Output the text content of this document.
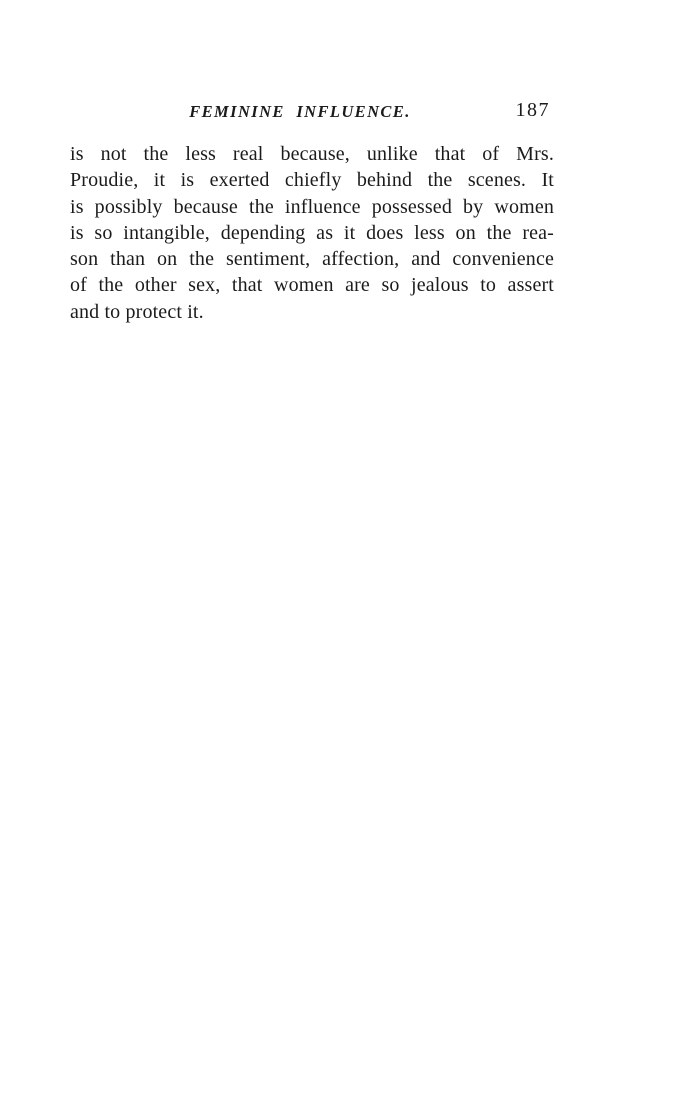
FEMININE INFLUENCE.	187
is not the less real because, unlike that of Mrs.
Proudie, it is exerted chiefly behind the scenes. It
is possibly because the influence possessed by women
is so intangible, depending as it does less on the rea-
son than on the sentiment, affection, and convenience
of the other sex, that women are so jealous to assert
and to protect it.
